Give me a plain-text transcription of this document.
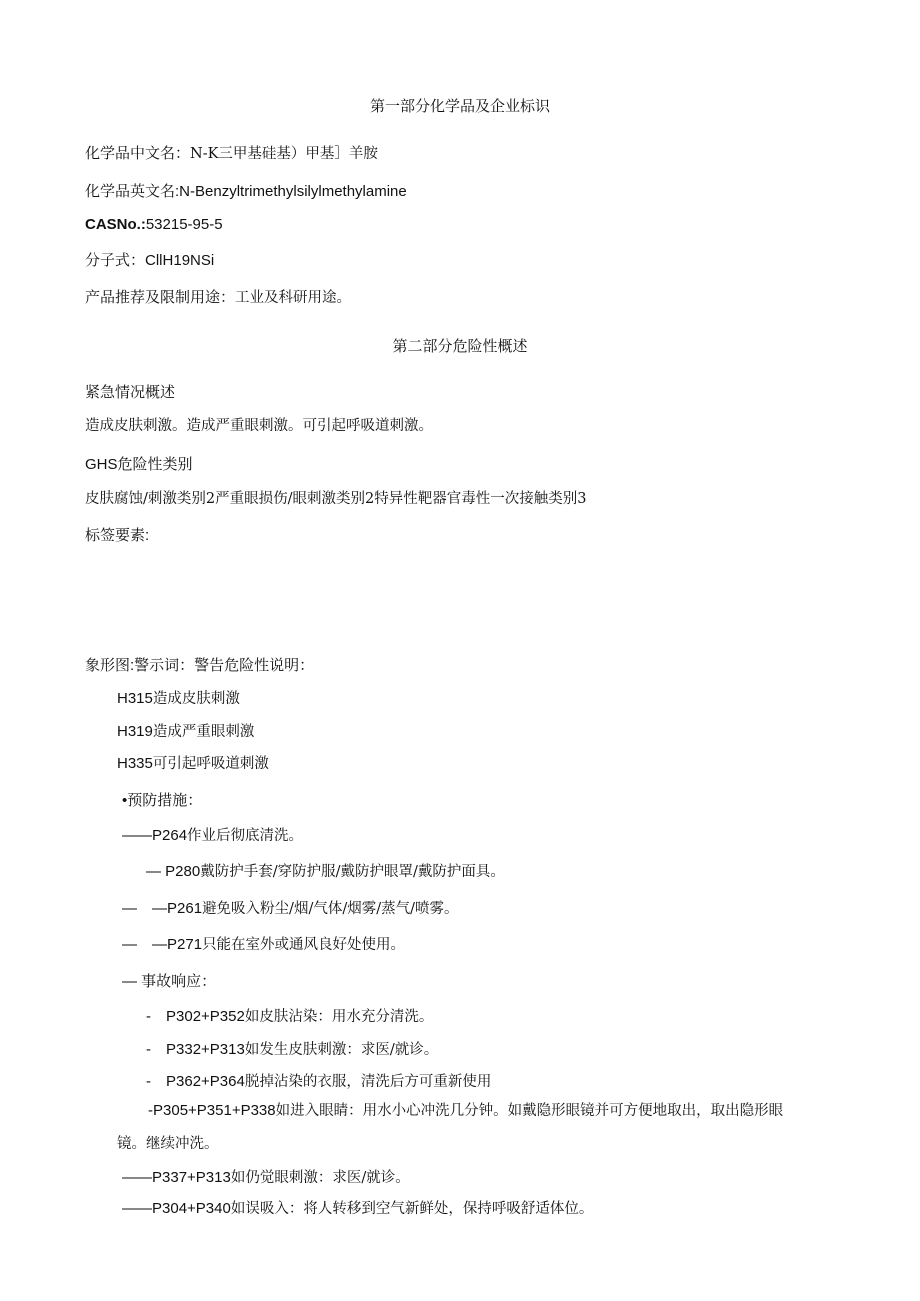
第一部分化学品及企业标识
化学品中文名：N-K三甲基硅基）甲基］羊胺
化学品英文名:N-Benzyltrimethylsilylmethylamine
CASNo.:53215-95-5
分子式：CllH19NSi
产品推荐及限制用途：工业及科研用途。
第二部分危险性概述
紧急情况概述
造成皮肤刺激。造成严重眼刺激。可引起呼吸道刺激。
GHS危险性类别
皮肤腐蚀/刺激类别2严重眼损伤/眼刺激类别2特异性靶器官毒性一次接触类别3
标签要素:
象形图:警示词：警告危险性说明：
H315造成皮肤刺激
H319造成严重眼刺激
H335可引起呼吸道刺激
•预防措施：
——P264作业后彻底清洗。
— P280戴防护手套/穿防护服/戴防护眼罩/戴防护面具。
—　—P261避免吸入粉尘/烟/气体/烟雾/蒸气/喷雾。
—　—P271只能在室外或通风良好处使用。
— 事故响应：
-　P302+P352如皮肤沾染：用水充分清洗。
-　P332+P313如发生皮肤刺激：求医/就诊。
-　P362+P364脱掉沾染的衣服，清洗后方可重新使用
-P305+P351+P338如进入眼睛：用水小心冲洗几分钟。如戴隐形眼镜并可方便地取出，取出隐形眼
镜。继续冲洗。
——P337+P313如仍觉眼刺激：求医/就诊。
——P304+P340如误吸入：将人转移到空气新鲜处，保持呼吸舒适体位。
